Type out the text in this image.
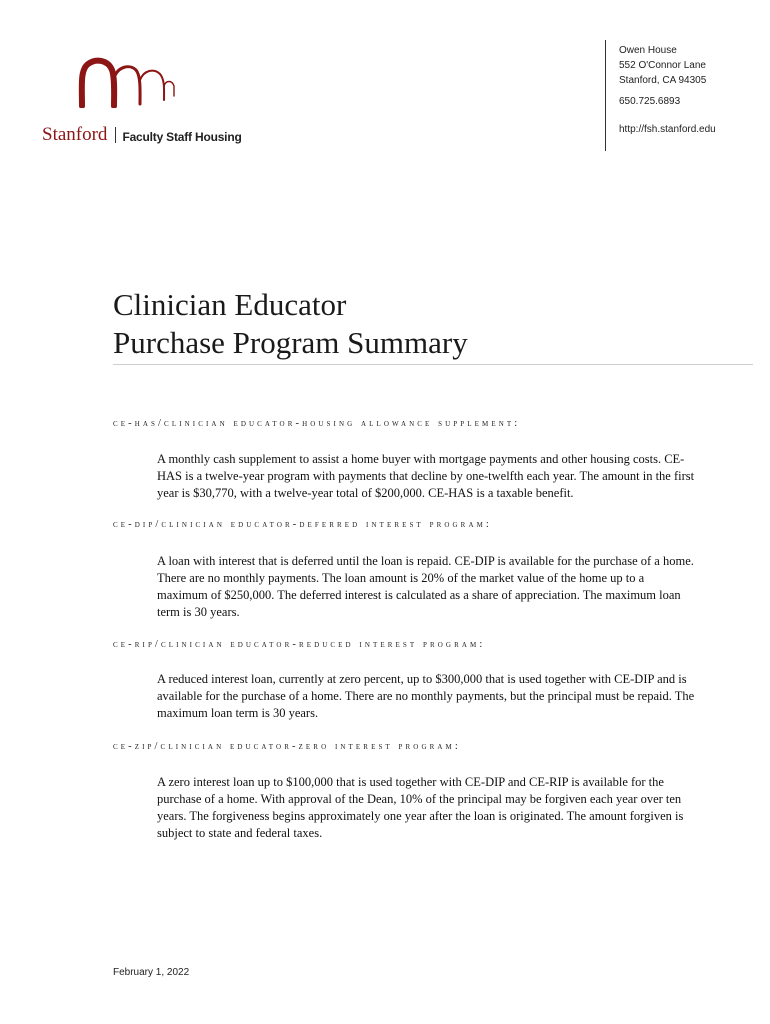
Stanford Faculty Staff Housing
Owen House
552 O'Connor Lane
Stanford, CA 94305
650.725.6893
http://fsh.stanford.edu
Clinician Educator
Purchase Program Summary
ce-has/clinician educator-housing allowance supplement:
A monthly cash supplement to assist a home buyer with mortgage payments and other housing costs. CE-HAS is a twelve-year program with payments that decline by one-twelfth each year. The amount in the first year is $30,770, with a twelve-year total of $200,000. CE-HAS is a taxable benefit.
ce-dip/clinician educator-deferred interest program:
A loan with interest that is deferred until the loan is repaid. CE-DIP is available for the purchase of a home. There are no monthly payments. The loan amount is 20% of the market value of the home up to a maximum of $250,000. The deferred interest is calculated as a share of appreciation. The maximum loan term is 30 years.
ce-rip/clinician educator-reduced interest program:
A reduced interest loan, currently at zero percent, up to $300,000 that is used together with CE-DIP and is available for the purchase of a home. There are no monthly payments, but the principal must be repaid. The maximum loan term is 30 years.
ce-zip/clinician educator-zero interest program:
A zero interest loan up to $100,000 that is used together with CE-DIP and CE-RIP is available for the purchase of a home. With approval of the Dean, 10% of the principal may be forgiven each year over ten years. The forgiveness begins approximately one year after the loan is originated. The amount forgiven is subject to state and federal taxes.
February 1, 2022
